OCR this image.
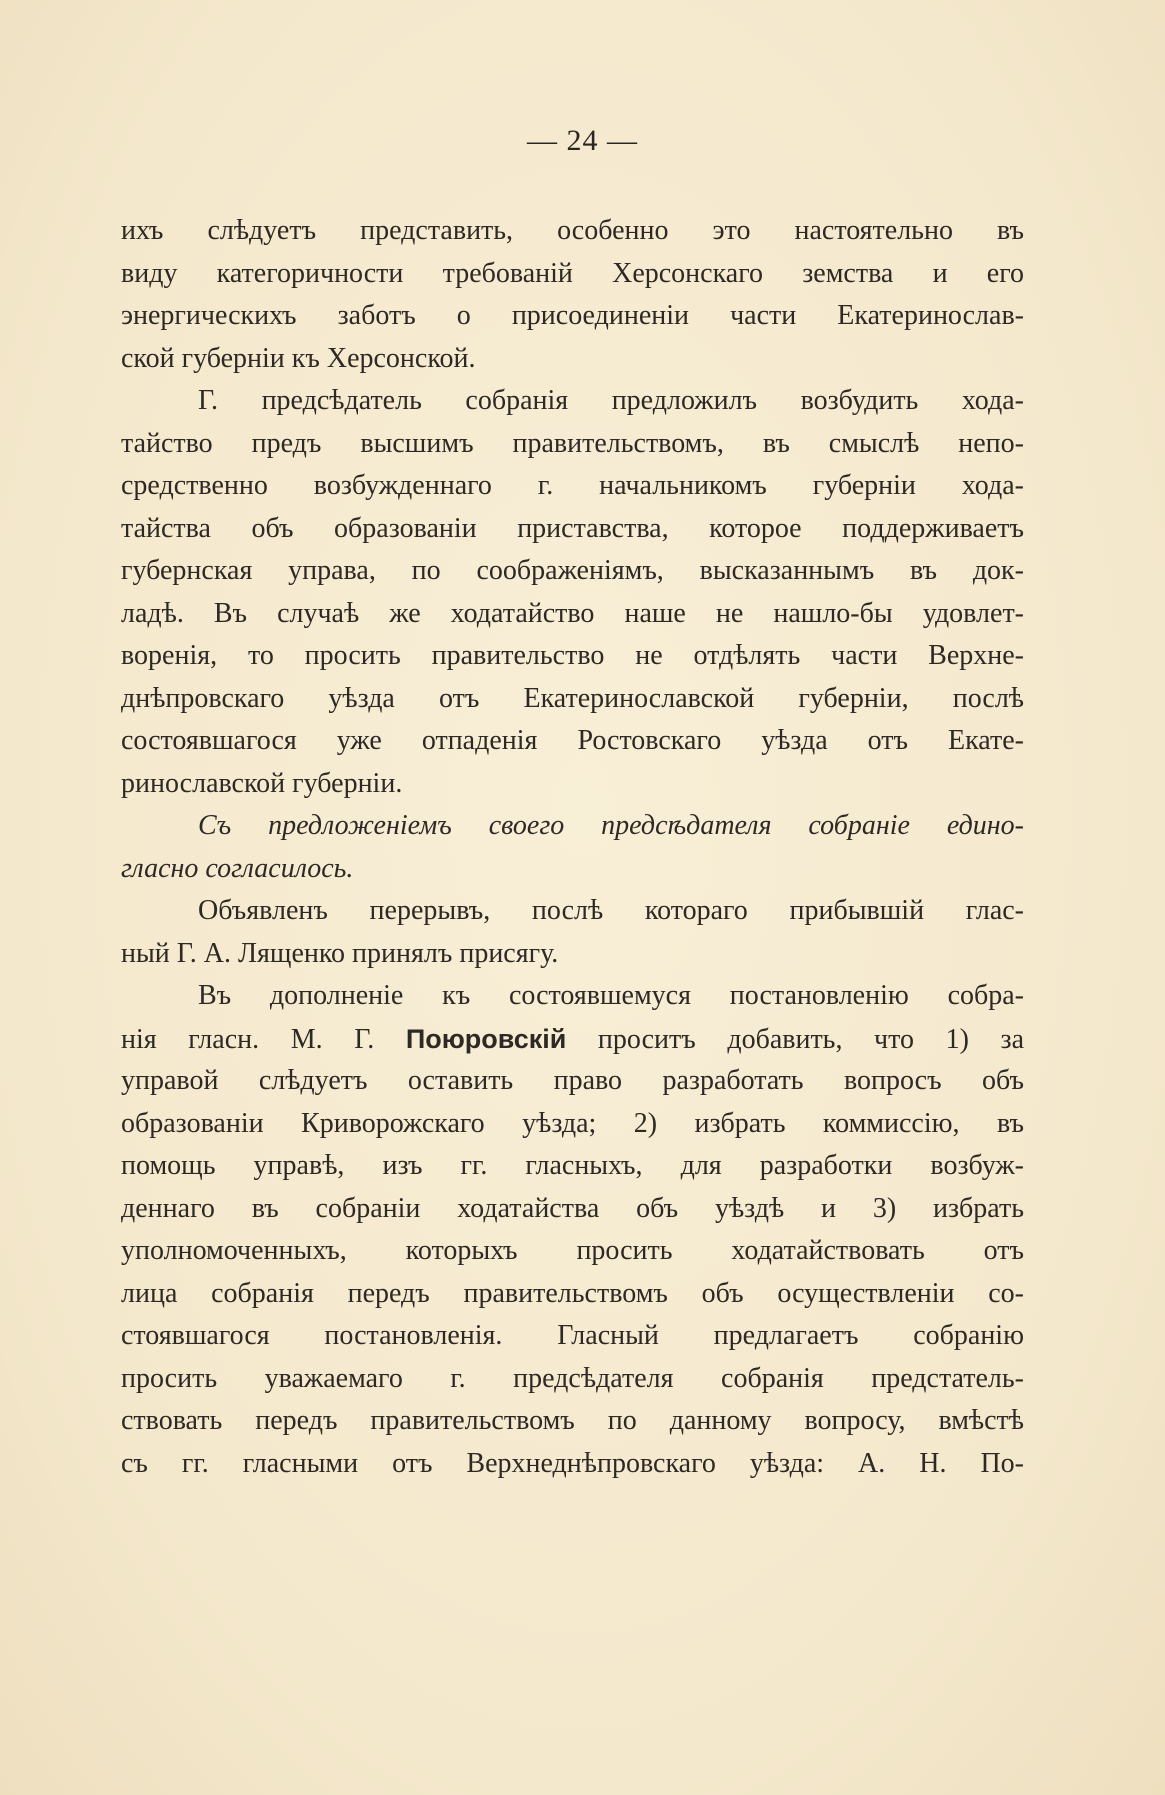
— 24 —
ихъ слѣдуетъ представить, особенно это настоятельно въ
виду категоричности требованій Херсонскаго земства и его
энергическихъ заботъ о присоединеніи части Екатеринослав-
ской губерніи къ Херсонской.
Г. предсѣдатель собранія предложилъ возбудить хода-
тайство предъ высшимъ правительствомъ, въ смыслѣ непо-
средственно возбужденнаго г. начальникомъ губерніи хода-
тайства объ образованіи приставства, которое поддерживаетъ
губернская управа, по соображеніямъ, высказаннымъ въ док-
ладѣ. Въ случаѣ же ходатайство наше не нашло-бы удовлет-
воренія, то просить правительство не отдѣлять части Верхне-
днѣпровскаго уѣзда отъ Екатеринославской губерніи, послѣ
состоявшагося уже отпаденія Ростовскаго уѣзда отъ Екате-
ринославской губерніи.
Съ предложеніемъ своего предсѣдателя собраніе едино-
гласно согласилось.
Объявленъ перерывъ, послѣ котораго прибывшій глас-
ный Г. А. Лященко принялъ присягу.
Въ дополненіе къ состоявшемуся постановленію собра-
нія гласн. М. Г. Поюровскій проситъ добавить, что 1) за
управой слѣдуетъ оставить право разработать вопросъ объ
образованіи Криворожскаго уѣзда; 2) избрать коммиссію, въ
помощь управѣ, изъ гг. гласныхъ, для разработки возбуж-
деннаго въ собраніи ходатайства объ уѣздѣ и 3) избрать
уполномоченныхъ, которыхъ просить ходатайствовать отъ
лица собранія передъ правительствомъ объ осуществленіи со-
стоявшагося постановленія. Гласный предлагаетъ собранію
просить уважаемаго г. предсѣдателя собранія предстатель-
ствовать передъ правительствомъ по данному вопросу, вмѣстѣ
съ гг. гласными отъ Верхнеднѣпровскаго уѣзда: А. Н. По-
